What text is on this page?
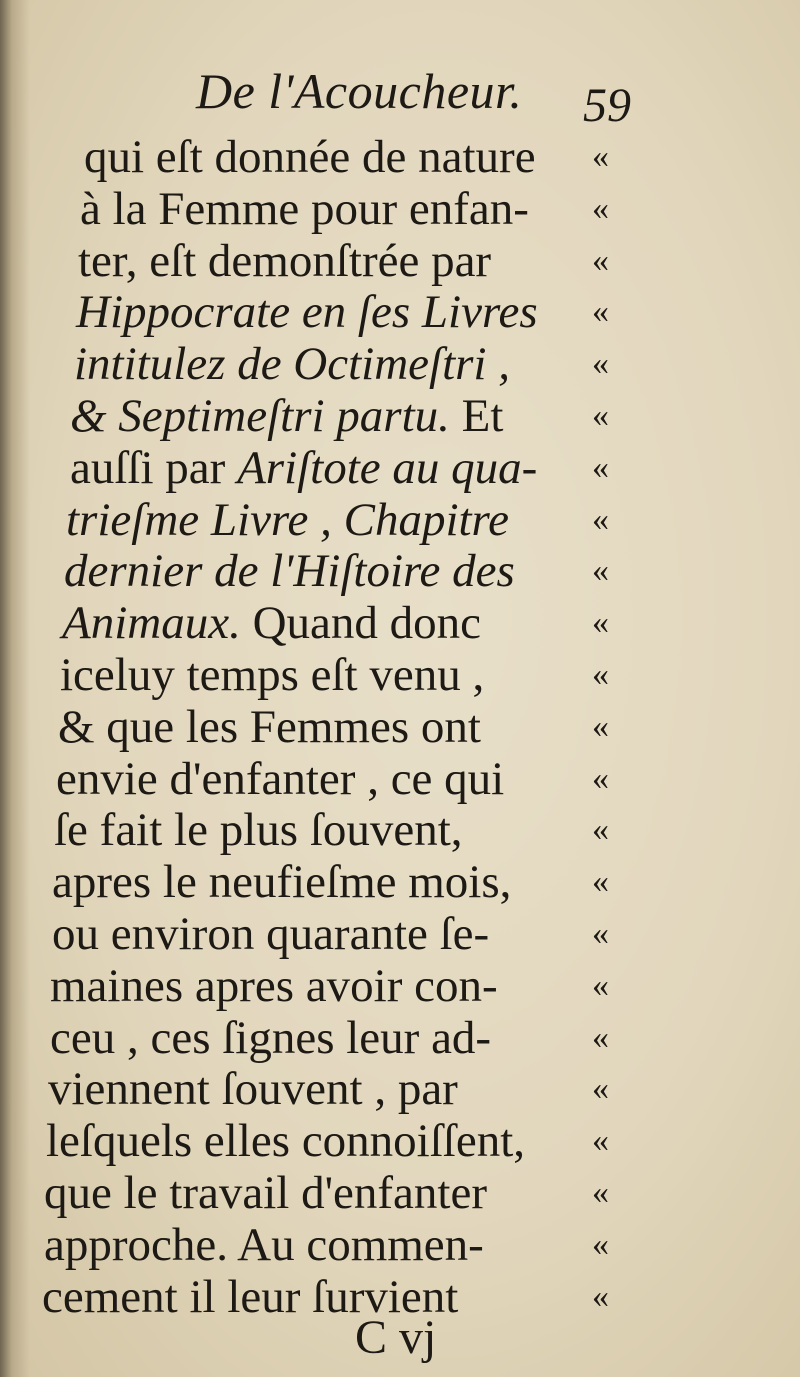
De l'Acoucheur. 59
qui eſt donnée de nature «
à la Femme pour enfan- «
ter, eſt demonſtrée par	«
Hippocrate en ſes Livres «
intitulez de Octimeſtri , «
& Septimeſtri partu. Et	«
auſſi par Ariſtote au qua- «
trieſme Livre , Chapitre «
dernier de l'Hiſtoire des «
Animaux. Quand donc	«
iceluy temps eſt venu ,	«
& que les Femmes ont	«
envie d'enfanter , ce qui	«
ſe fait le plus ſouvent,	«
apres le neufieſme mois, «
ou environ quarante ſe-	«
maines apres avoir con-	«
ceu , ces ſignes leur ad-	«
viennent ſouvent , par	«
leſquels elles connoiſſent, «
que le travail d'enfanter	«
approche. Au commen-	«
cement il leur ſurvient	«
C vj
